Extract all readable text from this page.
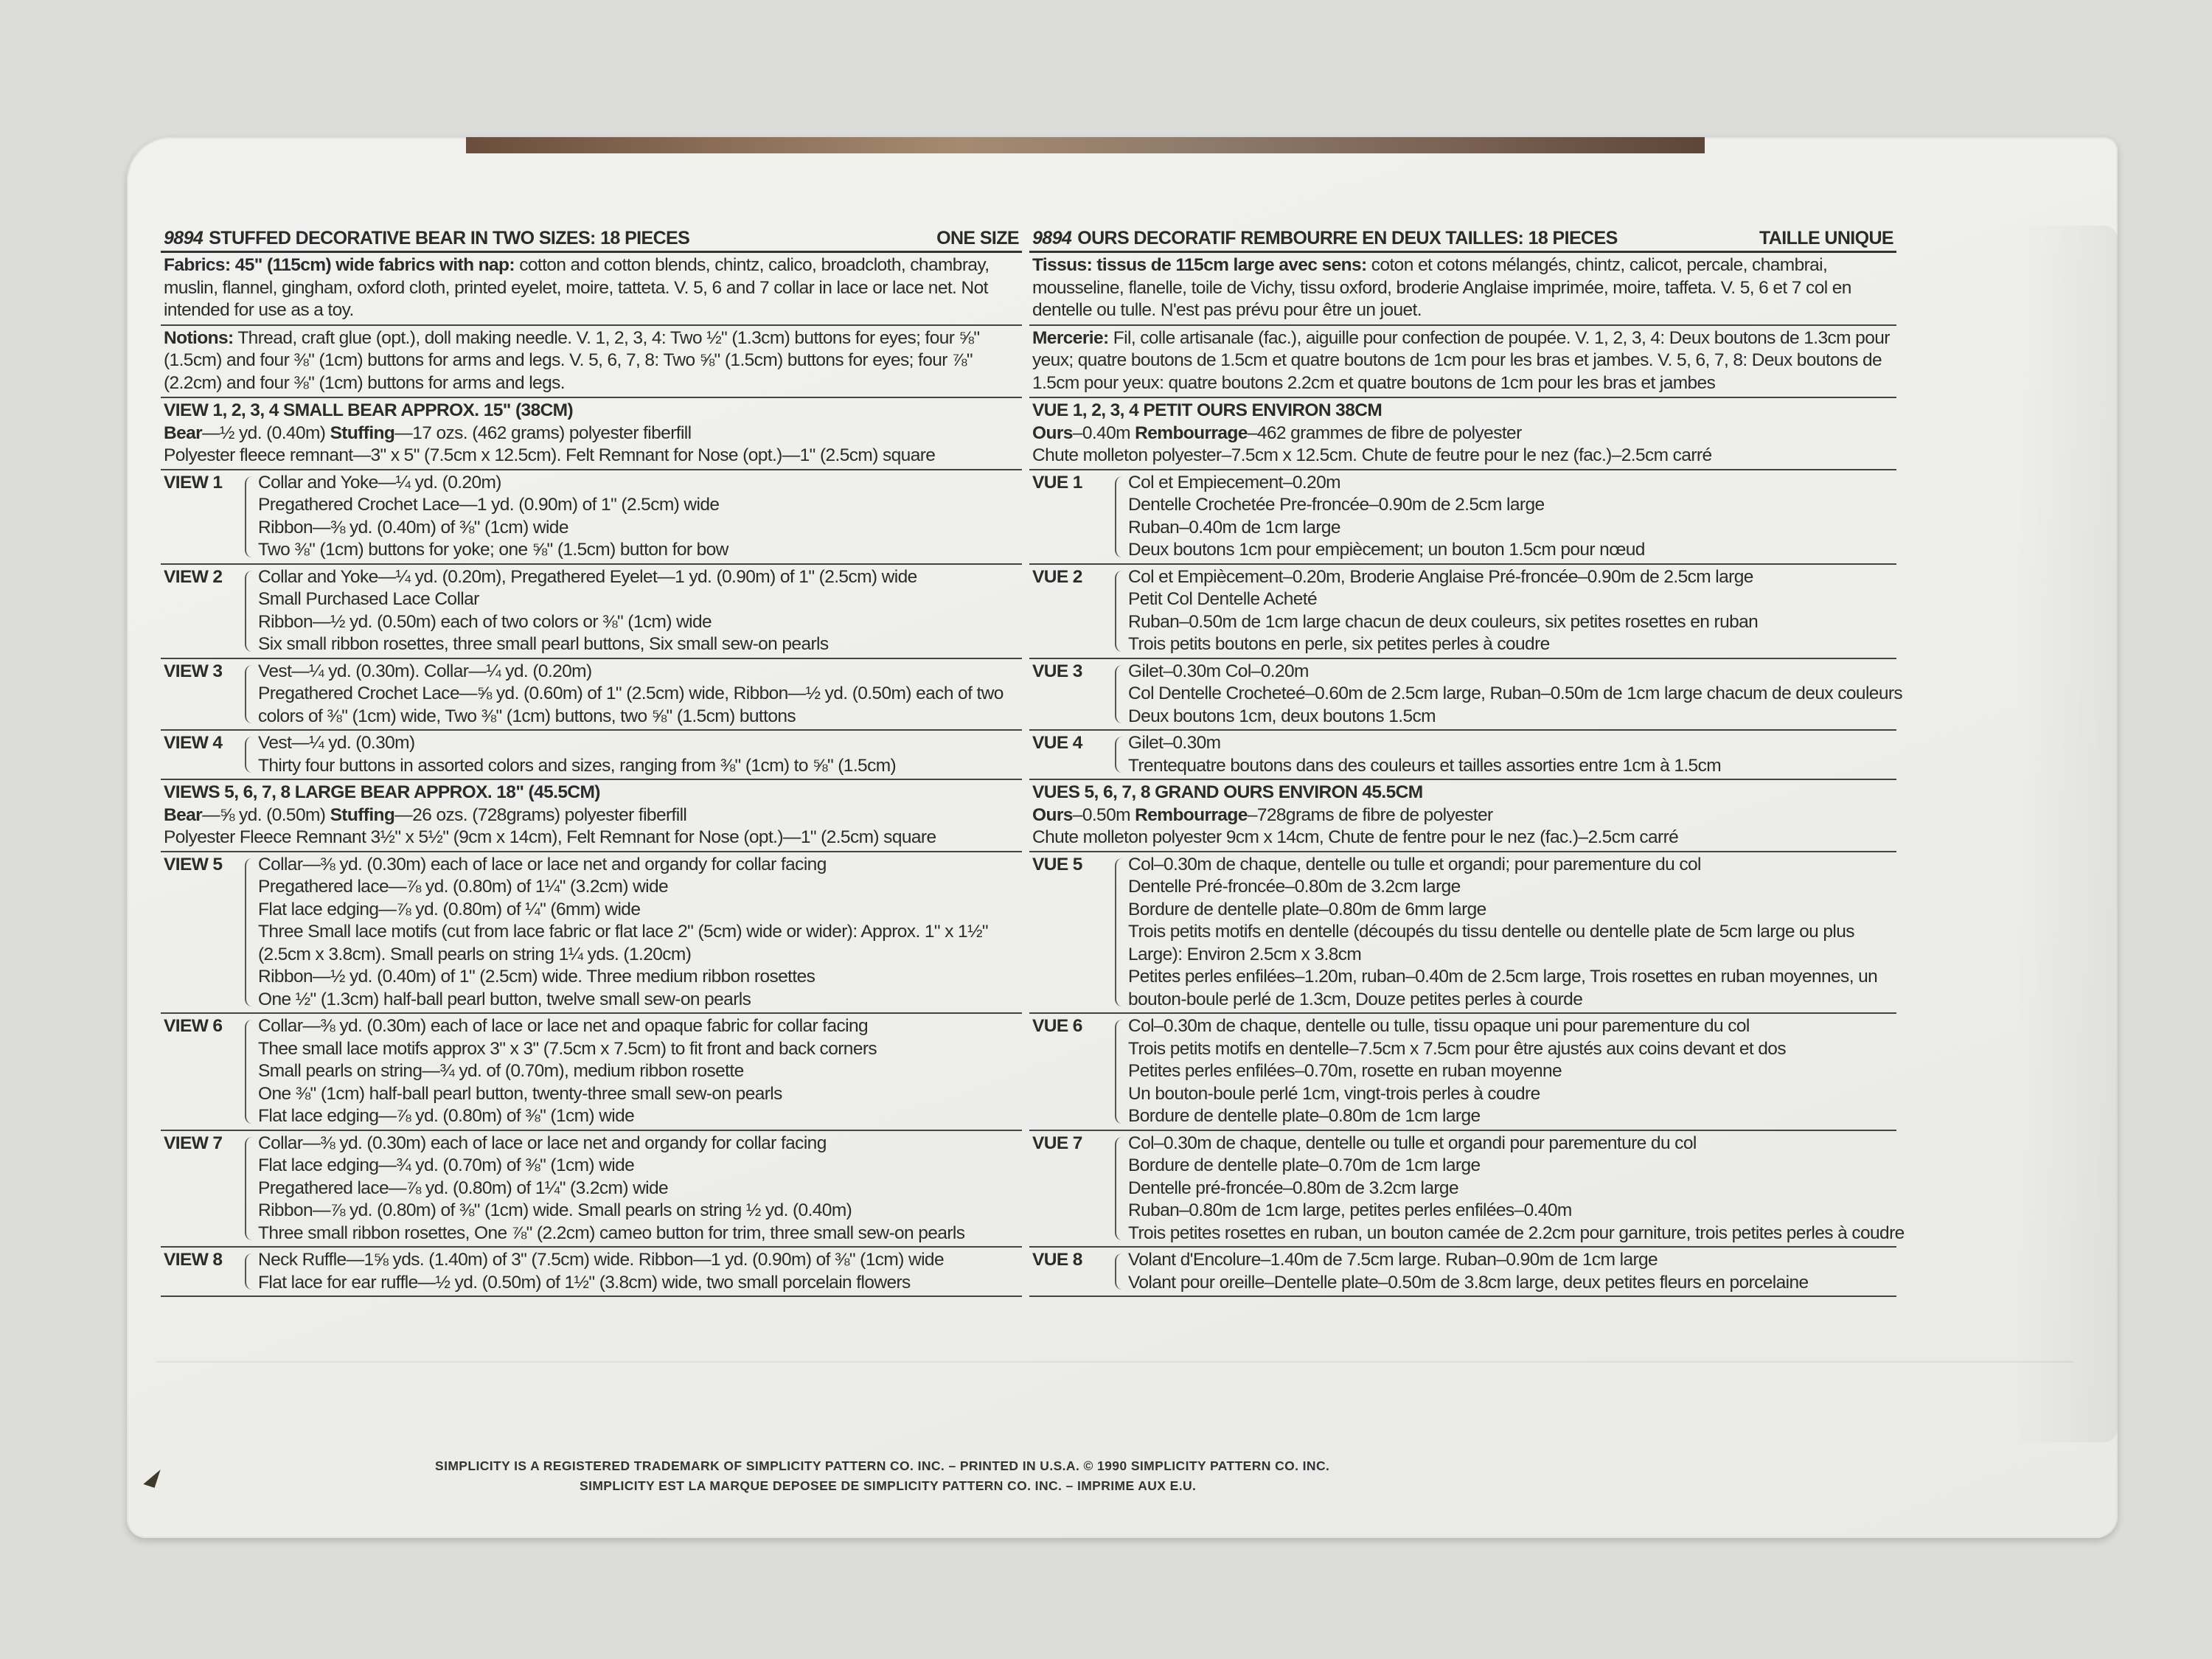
9894 STUFFED DECORATIVE BEAR IN TWO SIZES: 18 PIECES	ONE SIZE
Fabrics: 45" (115cm) wide fabrics with nap: cotton and cotton blends, chintz, calico, broadcloth, chambray, muslin, flannel, gingham, oxford cloth, printed eyelet, moire, tatteta. V. 5, 6 and 7 collar in lace or lace net. Not intended for use as a toy.
Notions: Thread, craft glue (opt.), doll making needle. V. 1, 2, 3, 4: Two ½" (1.3cm) buttons for eyes; four ⅝" (1.5cm) and four ⅜" (1cm) buttons for arms and legs. V. 5, 6, 7, 8: Two ⅝" (1.5cm) buttons for eyes; four ⅞" (2.2cm) and four ⅜" (1cm) buttons for arms and legs.
VIEW 1, 2, 3, 4 SMALL BEAR APPROX. 15" (38CM)
Bear—½ yd. (0.40m) Stuffing—17 ozs. (462 grams) polyester fiberfill
Polyester fleece remnant—3" x 5" (7.5cm x 12.5cm). Felt Remnant for Nose (opt.)—1" (2.5cm) square
VIEW 1	Collar and Yoke—¼ yd. (0.20m)
Pregathered Crochet Lace—1 yd. (0.90m) of 1" (2.5cm) wide
Ribbon—⅜ yd. (0.40m) of ⅜" (1cm) wide
Two ⅜" (1cm) buttons for yoke; one ⅝" (1.5cm) button for bow
VIEW 2	Collar and Yoke—¼ yd. (0.20m), Pregathered Eyelet—1 yd. (0.90m) of 1" (2.5cm) wide
Small Purchased Lace Collar
Ribbon—½ yd. (0.50m) each of two colors or ⅜" (1cm) wide
Six small ribbon rosettes, three small pearl buttons, Six small sew-on pearls
VIEW 3	Vest—¼ yd. (0.30m). Collar—¼ yd. (0.20m)
Pregathered Crochet Lace—⅝ yd. (0.60m) of 1" (2.5cm) wide, Ribbon—½ yd. (0.50m) each of two
colors of ⅜" (1cm) wide, Two ⅜" (1cm) buttons, two ⅝" (1.5cm) buttons
VIEW 4	Vest—¼ yd. (0.30m)
Thirty four buttons in assorted colors and sizes, ranging from ⅜" (1cm) to ⅝" (1.5cm)
VIEWS 5, 6, 7, 8 LARGE BEAR APPROX. 18" (45.5CM)
Bear—⅝ yd. (0.50m) Stuffing—26 ozs. (728grams) polyester fiberfill
Polyester Fleece Remnant 3½" x 5½" (9cm x 14cm), Felt Remnant for Nose (opt.)—1" (2.5cm) square
VIEW 5	Collar—⅜ yd. (0.30m) each of lace or lace net and organdy for collar facing
Pregathered lace—⅞ yd. (0.80m) of 1¼" (3.2cm) wide
Flat lace edging—⅞ yd. (0.80m) of ¼" (6mm) wide
Three Small lace motifs (cut from lace fabric or flat lace 2" (5cm) wide or wider): Approx. 1" x 1½"
(2.5cm x 3.8cm). Small pearls on string 1¼ yds. (1.20cm)
Ribbon—½ yd. (0.40m) of 1" (2.5cm) wide. Three medium ribbon rosettes
One ½" (1.3cm) half-ball pearl button, twelve small sew-on pearls
VIEW 6	Collar—⅜ yd. (0.30m) each of lace or lace net and opaque fabric for collar facing
Thee small lace motifs approx 3" x 3" (7.5cm x 7.5cm) to fit front and back corners
Small pearls on string—¾ yd. of (0.70m), medium ribbon rosette
One ⅜" (1cm) half-ball pearl button, twenty-three small sew-on pearls
Flat lace edging—⅞ yd. (0.80m) of ⅜" (1cm) wide
VIEW 7	Collar—⅜ yd. (0.30m) each of lace or lace net and organdy for collar facing
Flat lace edging—¾ yd. (0.70m) of ⅜" (1cm) wide
Pregathered lace—⅞ yd. (0.80m) of 1¼" (3.2cm) wide
Ribbon—⅞ yd. (0.80m) of ⅜" (1cm) wide. Small pearls on string ½ yd. (0.40m)
Three small ribbon rosettes, One ⅞" (2.2cm) cameo button for trim, three small sew-on pearls
VIEW 8	Neck Ruffle—1⅝ yds. (1.40m) of 3" (7.5cm) wide. Ribbon—1 yd. (0.90m) of ⅜" (1cm) wide
Flat lace for ear ruffle—½ yd. (0.50m) of 1½" (3.8cm) wide, two small porcelain flowers
9894 OURS DECORATIF REMBOURRE EN DEUX TAILLES: 18 PIECES	TAILLE UNIQUE
Tissus: tissus de 115cm large avec sens: coton et cotons mélangés, chintz, calicot, percale, chambrai, mousseline, flanelle, toile de Vichy, tissu oxford, broderie Anglaise imprimée, moire, taffeta. V. 5, 6 et 7 col en dentelle ou tulle. N'est pas prévu pour être un jouet.
Mercerie: Fil, colle artisanale (fac.), aiguille pour confection de poupée. V. 1, 2, 3, 4: Deux boutons de 1.3cm pour yeux; quatre boutons de 1.5cm et quatre boutons de 1cm pour les bras et jambes. V. 5, 6, 7, 8: Deux boutons de 1.5cm pour yeux: quatre boutons 2.2cm et quatre boutons de 1cm pour les bras et jambes
VUE 1, 2, 3, 4 PETIT OURS ENVIRON 38CM
Ours–0.40m Rembourrage–462 grammes de fibre de polyester
Chute molleton polyester–7.5cm x 12.5cm. Chute de feutre pour le nez (fac.)–2.5cm carré
VUE 1	Col et Empiecement–0.20m
Dentelle Crochetée Pre-froncée–0.90m de 2.5cm large
Ruban–0.40m de 1cm large
Deux boutons 1cm pour empiècement; un bouton 1.5cm pour nœud
VUE 2	Col et Empiècement–0.20m, Broderie Anglaise Pré-froncée–0.90m de 2.5cm large
Petit Col Dentelle Acheté
Ruban–0.50m de 1cm large chacun de deux couleurs, six petites rosettes en ruban
Trois petits boutons en perle, six petites perles à coudre
VUE 3	Gilet–0.30m Col–0.20m
Col Dentelle Crocheteé–0.60m de 2.5cm large, Ruban–0.50m de 1cm large chacum de deux couleurs
Deux boutons 1cm, deux boutons 1.5cm
VUE 4	Gilet–0.30m
Trentequatre boutons dans des couleurs et tailles assorties entre 1cm à 1.5cm
VUES 5, 6, 7, 8 GRAND OURS ENVIRON 45.5CM
Ours–0.50m Rembourrage–728grams de fibre de polyester
Chute molleton polyester 9cm x 14cm, Chute de fentre pour le nez (fac.)–2.5cm carré
VUE 5	Col–0.30m de chaque, dentelle ou tulle et organdi; pour parementure du col
Dentelle Pré-froncée–0.80m de 3.2cm large
Bordure de dentelle plate–0.80m de 6mm large
Trois petits motifs en dentelle (découpés du tissu dentelle ou dentelle plate de 5cm large ou plus
Large): Environ 2.5cm x 3.8cm
Petites perles enfilées–1.20m, ruban–0.40m de 2.5cm large, Trois rosettes en ruban moyennes, un
bouton-boule perlé de 1.3cm, Douze petites perles à courde
VUE 6	Col–0.30m de chaque, dentelle ou tulle, tissu opaque uni pour parementure du col
Trois petits motifs en dentelle–7.5cm x 7.5cm pour être ajustés aux coins devant et dos
Petites perles enfilées–0.70m, rosette en ruban moyenne
Un bouton-boule perlé 1cm, vingt-trois perles à coudre
Bordure de dentelle plate–0.80m de 1cm large
VUE 7	Col–0.30m de chaque, dentelle ou tulle et organdi pour parementure du col
Bordure de dentelle plate–0.70m de 1cm large
Dentelle pré-froncée–0.80m de 3.2cm large
Ruban–0.80m de 1cm large, petites perles enfilées–0.40m
Trois petites rosettes en ruban, un bouton camée de 2.2cm pour garniture, trois petites perles à coudre
VUE 8	Volant d'Encolure–1.40m de 7.5cm large. Ruban–0.90m de 1cm large
Volant pour oreille–Dentelle plate–0.50m de 3.8cm large, deux petites fleurs en porcelaine
SIMPLICITY IS A REGISTERED TRADEMARK OF SIMPLICITY PATTERN CO. INC. – PRINTED IN U.S.A. © 1990 SIMPLICITY PATTERN CO. INC.
SIMPLICITY EST LA MARQUE DEPOSEE DE SIMPLICITY PATTERN CO. INC. – IMPRIME AUX E.U.
